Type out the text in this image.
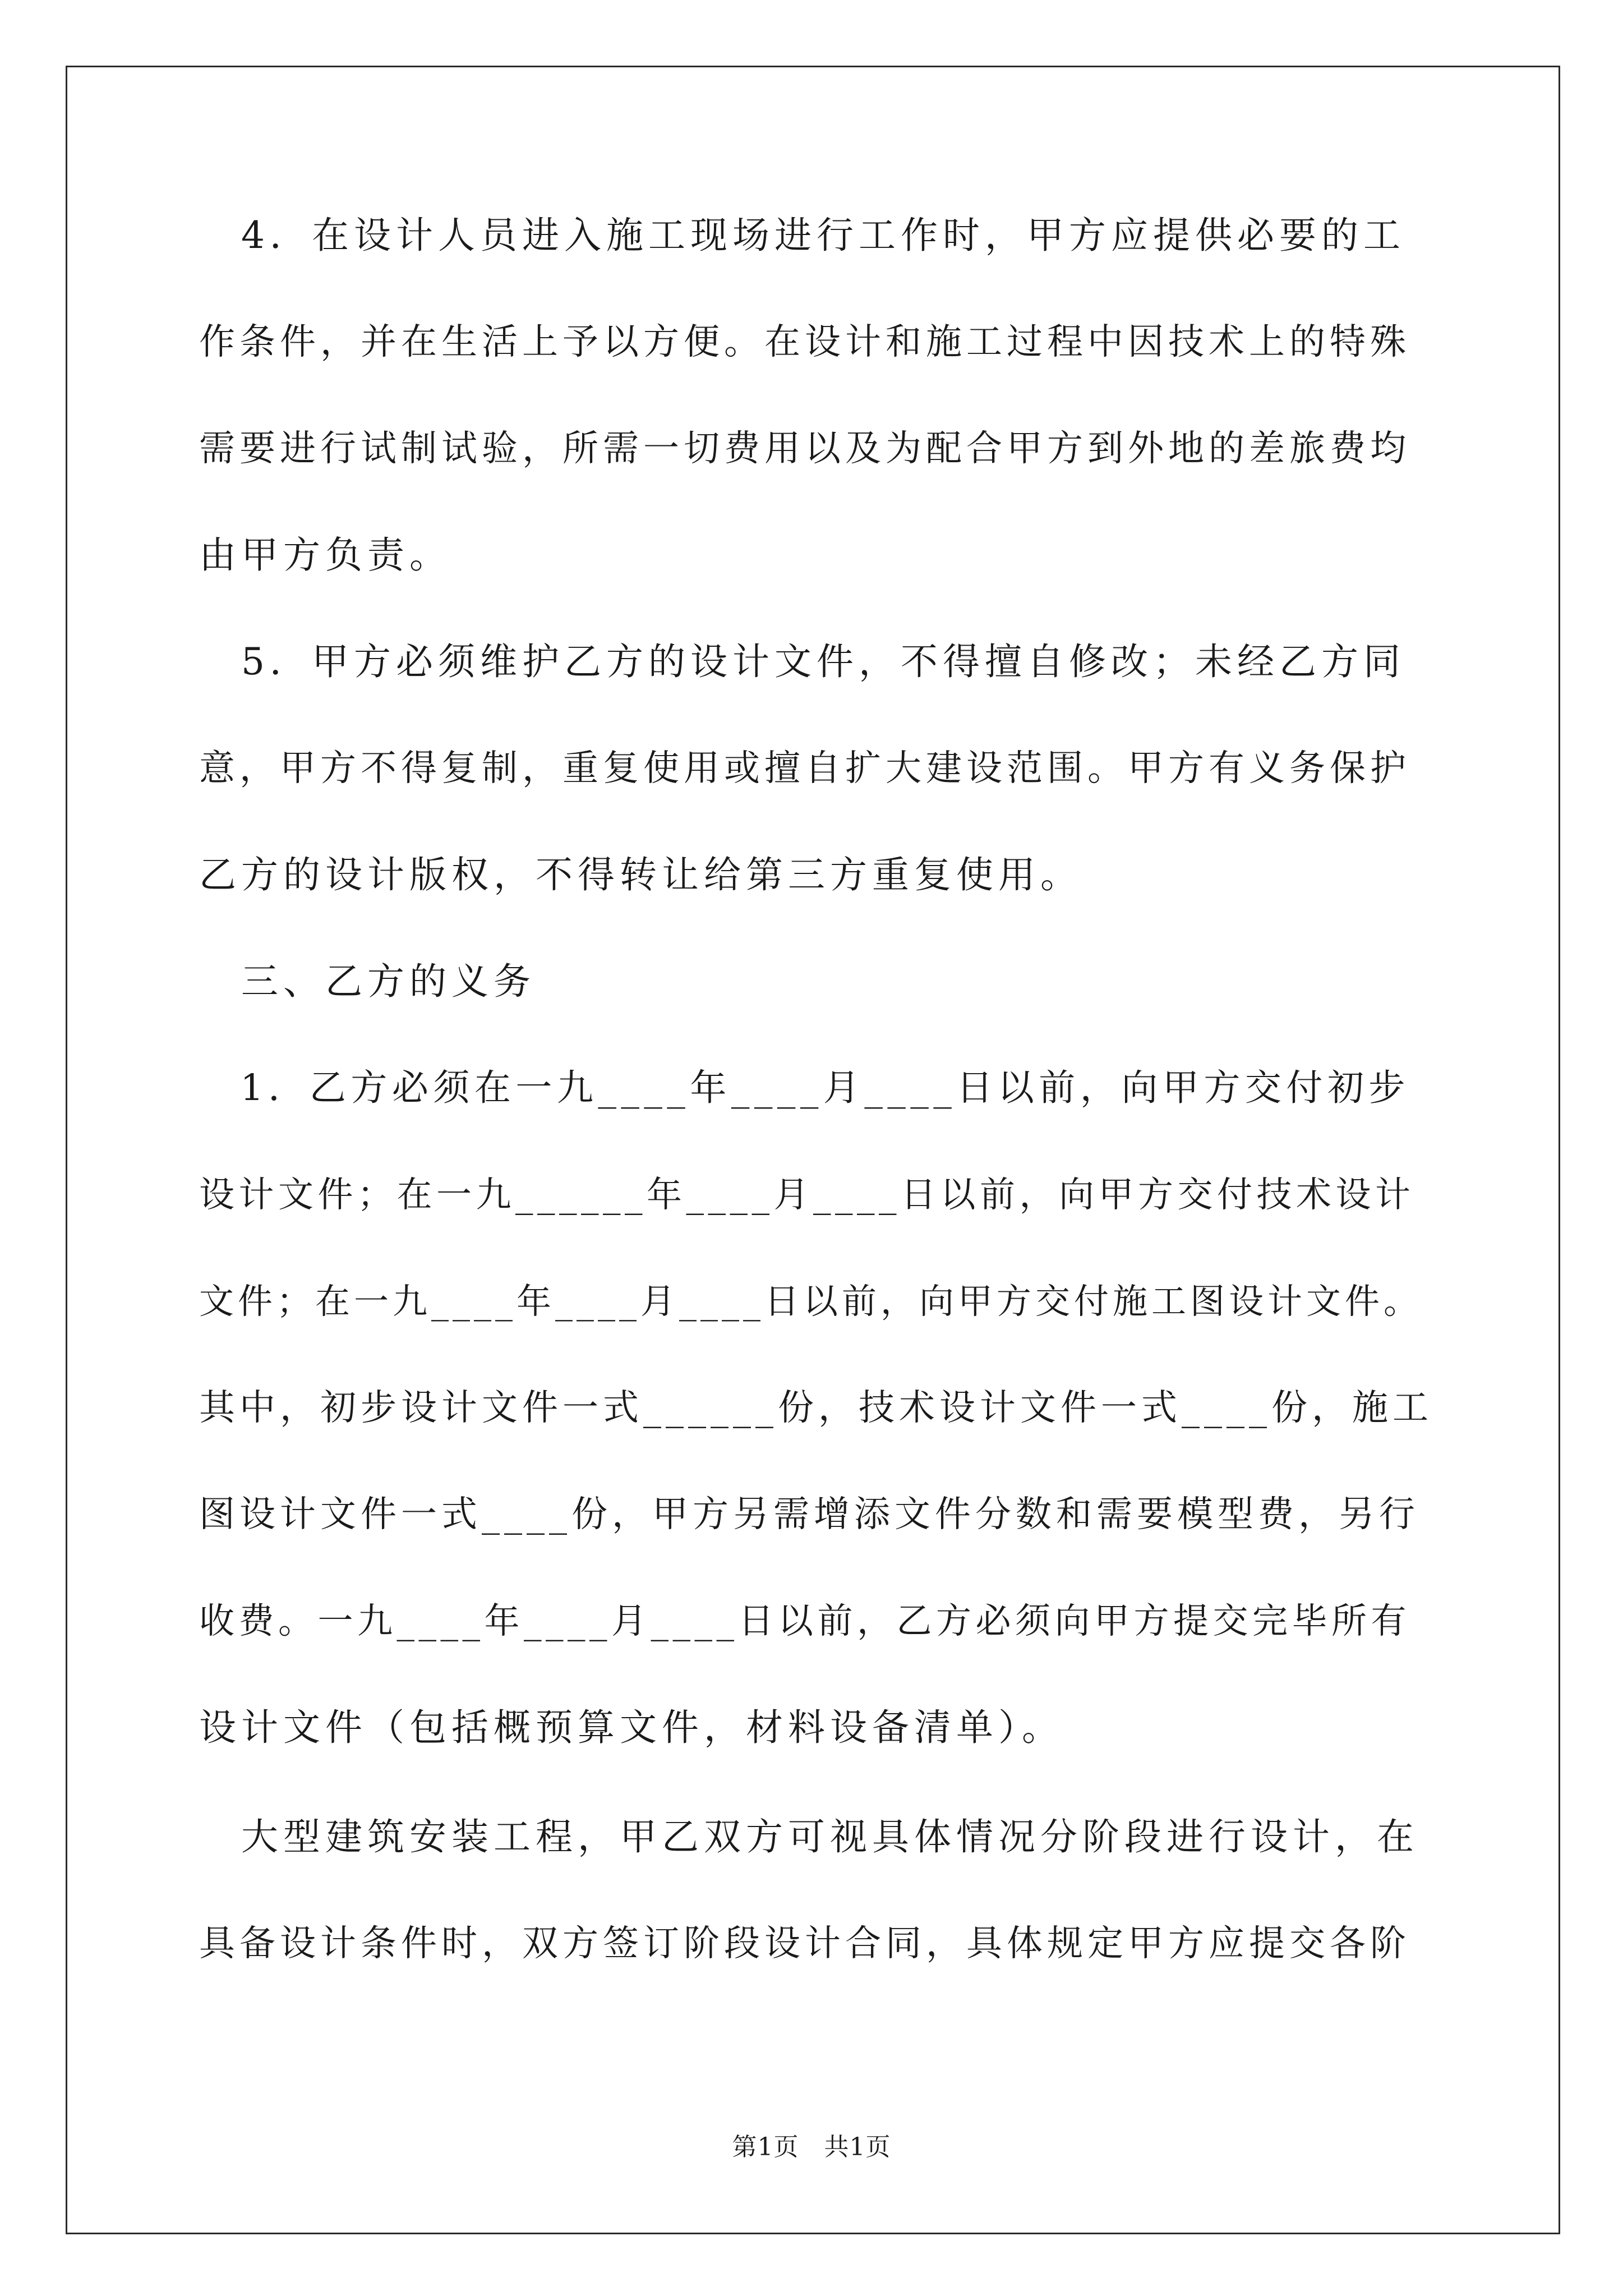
　4．在设计人员进入施工现场进行工作时，甲方应提供必要的工
作条件，并在生活上予以方便。在设计和施工过程中因技术上的特殊
需要进行试制试验，所需一切费用以及为配合甲方到外地的差旅费均
由甲方负责。
　5．甲方必须维护乙方的设计文件，不得擅自修改；未经乙方同
意，甲方不得复制，重复使用或擅自扩大建设范围。甲方有义务保护
乙方的设计版权，不得转让给第三方重复使用。
　三、乙方的义务
　1．乙方必须在一九____年____月____日以前，向甲方交付初步
设计文件；在一九______年____月____日以前，向甲方交付技术设计
文件；在一九____年____月____日以前，向甲方交付施工图设计文件。
其中，初步设计文件一式______份，技术设计文件一式____份，施工
图设计文件一式____份，甲方另需增添文件分数和需要模型费，另行
收费。一九____年____月____日以前，乙方必须向甲方提交完毕所有
设计文件（包括概预算文件，材料设备清单）。
　大型建筑安装工程，甲乙双方可视具体情况分阶段进行设计，在
具备设计条件时，双方签订阶段设计合同，具体规定甲方应提交各阶
第1页　共1页
